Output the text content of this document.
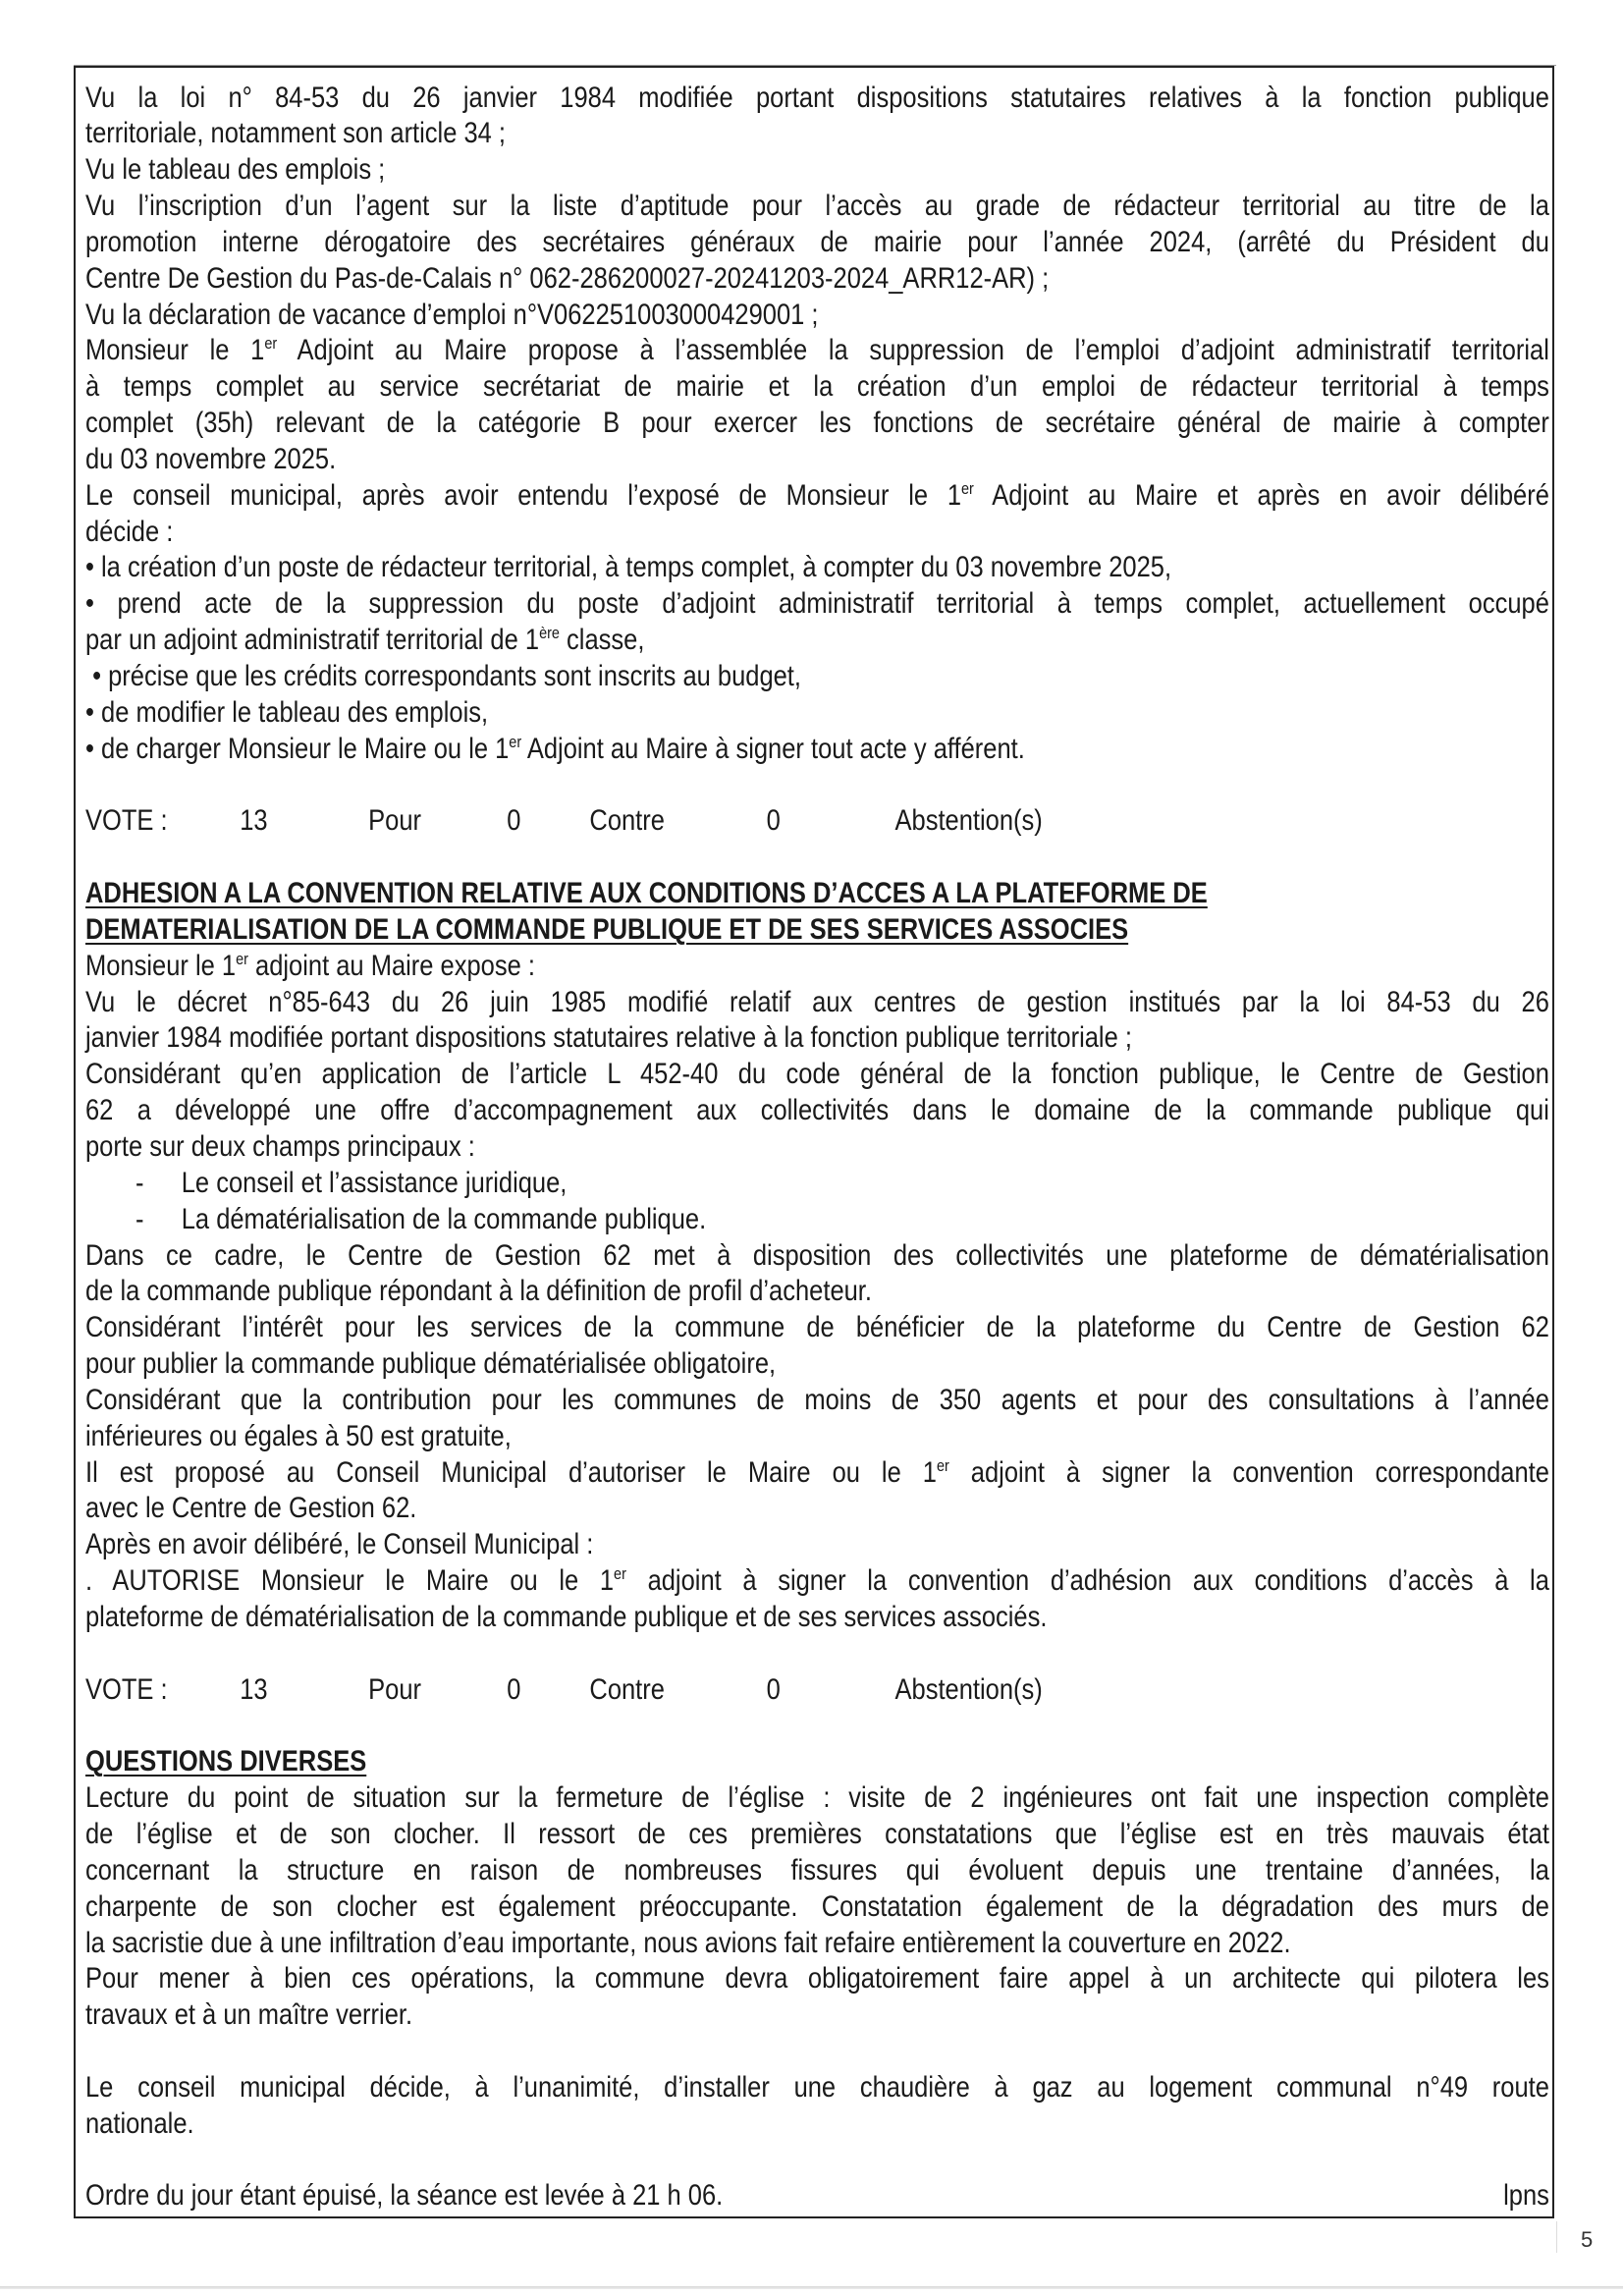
Vu la loi n° 84-53 du 26 janvier 1984 modifiée portant dispositions statutaires relatives à la fonction publique
territoriale, notamment son article 34 ;
Vu le tableau des emplois ;
Vu l’inscription d’un l’agent sur la liste d’aptitude pour l’accès au grade de rédacteur territorial au titre de la
promotion interne dérogatoire des secrétaires généraux de mairie pour l’année 2024, (arrêté du Président du
Centre De Gestion du Pas-de-Calais n° 062-286200027-20241203-2024_ARR12-AR) ;
Vu la déclaration de vacance d’emploi n°V062251003000429001 ;
Monsieur le 1er Adjoint au Maire propose à l’assemblée la suppression de l’emploi d’adjoint administratif territorial
à temps complet au service secrétariat de mairie et la création d’un emploi de rédacteur territorial à temps
complet (35h) relevant de la catégorie B pour exercer les fonctions de secrétaire général de mairie à compter
du 03 novembre 2025.
Le conseil municipal, après avoir entendu l’exposé de Monsieur le 1er Adjoint au Maire et après en avoir délibéré
décide :
• la création d’un poste de rédacteur territorial, à temps complet, à compter du 03 novembre 2025,
• prend acte de la suppression du poste d’adjoint administratif territorial à temps complet, actuellement occupé
par un adjoint administratif territorial de 1ère classe,
• précise que les crédits correspondants sont inscrits au budget,
• de modifier le tableau des emplois,
• de charger Monsieur le Maire ou le 1er Adjoint au Maire à signer tout acte y afférent.
VOTE : 13	Pour	0 Contre	0	Abstention(s)
ADHESION A LA CONVENTION RELATIVE AUX CONDITIONS D’ACCES A LA PLATEFORME DE
DEMATERIALISATION DE LA COMMANDE PUBLIQUE ET DE SES SERVICES ASSOCIES
Monsieur le 1er adjoint au Maire expose :
Vu le décret n°85-643 du 26 juin 1985 modifié relatif aux centres de gestion institués par la loi 84-53 du 26
janvier 1984 modifiée portant dispositions statutaires relative à la fonction publique territoriale ;
Considérant qu’en application de l’article L 452-40 du code général de la fonction publique, le Centre de Gestion
62 a développé une offre d’accompagnement aux collectivités dans le domaine de la commande publique qui
porte sur deux champs principaux :
- Le conseil et l’assistance juridique,
- La dématérialisation de la commande publique.
Dans ce cadre, le Centre de Gestion 62 met à disposition des collectivités une plateforme de dématérialisation
de la commande publique répondant à la définition de profil d’acheteur.
Considérant l’intérêt pour les services de la commune de bénéficier de la plateforme du Centre de Gestion 62
pour publier la commande publique dématérialisée obligatoire,
Considérant que la contribution pour les communes de moins de 350 agents et pour des consultations à l’année
inférieures ou égales à 50 est gratuite,
Il est proposé au Conseil Municipal d’autoriser le Maire ou le 1er adjoint à signer la convention correspondante
avec le Centre de Gestion 62.
Après en avoir délibéré, le Conseil Municipal :
. AUTORISE Monsieur le Maire ou le 1er adjoint à signer la convention d’adhésion aux conditions d’accès à la
plateforme de dématérialisation de la commande publique et de ses services associés.
VOTE : 13	Pour	0 Contre	0	Abstention(s)
QUESTIONS DIVERSES
Lecture du point de situation sur la fermeture de l’église : visite de 2 ingénieures ont fait une inspection complète
de l’église et de son clocher. Il ressort de ces premières constatations que l’église est en très mauvais état
concernant la structure en raison de nombreuses fissures qui évoluent depuis une trentaine d’années, la
charpente de son clocher est également préoccupante. Constatation également de la dégradation des murs de
la sacristie due à une infiltration d’eau importante, nous avions fait refaire entièrement la couverture en 2022.
Pour mener à bien ces opérations, la commune devra obligatoirement faire appel à un architecte qui pilotera les
travaux et à un maître verrier.
Le conseil municipal décide, à l’unanimité, d’installer une chaudière à gaz au logement communal n°49 route
nationale.
Ordre du jour étant épuisé, la séance est levée à 21 h 06.	lpns
5
